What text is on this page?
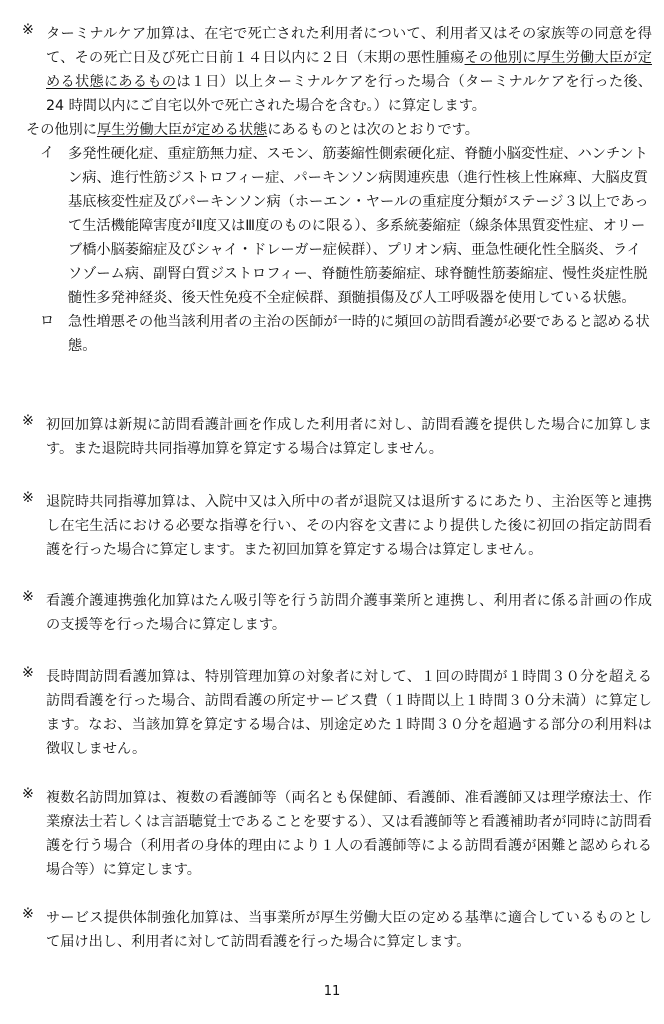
※ ターミナルケア加算は、在宅で死亡された利用者について、利用者又はその家族等の同意を得て、その死亡日及び死亡日前１４日以内に２日（末期の悪性腫瘍その他別に厚生労働大臣が定める状態にあるものは１日）以上ターミナルケアを行った場合（ターミナルケアを行った後、24 時間以内にご自宅以外で死亡された場合を含む。）に算定します。
その他別に厚生労働大臣が定める状態にあるものとは次のとおりです。
イ 多発性硬化症、重症筋無力症、スモン、筋萎縮性側索硬化症、脊髄小脳変性症、ハンチントン病、進行性筋ジストロフィー症、パーキンソン病関連疾患（進行性核上性麻痺、大脳皮質基底核変性症及びパーキンソン病（ホーエン・ヤールの重症度分類がステージ３以上であって生活機能障害度がⅡ度又はⅢ度のものに限る）、多系統萎縮症（線条体黒質変性症、オリーブ橋小脳萎縮症及びシャイ・ドレーガー症候群）、プリオン病、亜急性硬化性全脳炎、ライソゾーム病、副腎白質ジストロフィー、脊髄性筋萎縮症、球脊髄性筋萎縮症、慢性炎症性脱髄性多発神経炎、後天性免疫不全症候群、頚髄損傷及び人工呼吸器を使用している状態。
ロ 急性増悪その他当該利用者の主治の医師が一時的に頻回の訪問看護が必要であると認める状態。
※ 初回加算は新規に訪問看護計画を作成した利用者に対し、訪問看護を提供した場合に加算します。また退院時共同指導加算を算定する場合は算定しません。
※ 退院時共同指導加算は、入院中又は入所中の者が退院又は退所するにあたり、主治医等と連携し在宅生活における必要な指導を行い、その内容を文書により提供した後に初回の指定訪問看護を行った場合に算定します。また初回加算を算定する場合は算定しません。
※ 看護介護連携強化加算はたん吸引等を行う訪問介護事業所と連携し、利用者に係る計画の作成の支援等を行った場合に算定します。
※ 長時間訪問看護加算は、特別管理加算の対象者に対して、１回の時間が１時間３０分を超える訪問看護を行った場合、訪問看護の所定サービス費（１時間以上１時間３０分未満）に算定します。なお、当該加算を算定する場合は、別途定めた１時間３０分を超過する部分の利用料は徴収しません。
※ 複数名訪問加算は、複数の看護師等（両名とも保健師、看護師、准看護師又は理学療法士、作業療法士若しくは言語聴覚士であることを要する）、又は看護師等と看護補助者が同時に訪問看護を行う場合（利用者の身体的理由により１人の看護師等による訪問看護が困難と認められる場合等）に算定します。
※ サービス提供体制強化加算は、当事業所が厚生労働大臣の定める基準に適合しているものとして届け出し、利用者に対して訪問看護を行った場合に算定します。
11
